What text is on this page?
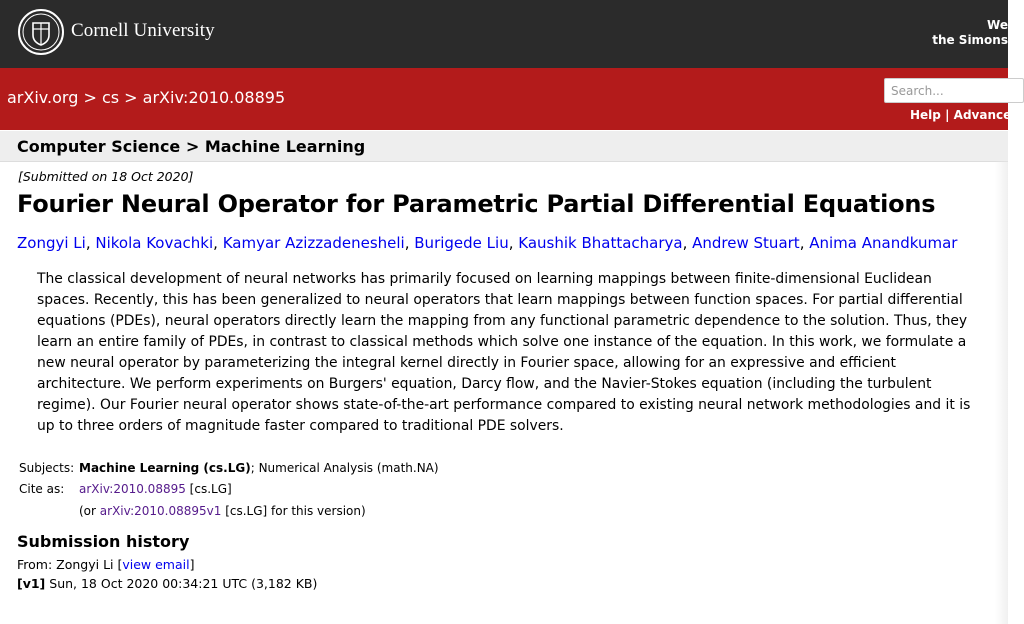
Cornell University	We
the Simons
arXiv.org > cs > arXiv:2010.08895	Search...
Help | Advanced
Computer Science > Machine Learning
[Submitted on 18 Oct 2020]
Fourier Neural Operator for Parametric Partial Differential Equations
Zongyi Li, Nikola Kovachki, Kamyar Azizzadenesheli, Burigede Liu, Kaushik Bhattacharya, Andrew Stuart, Anima Anandkumar
The classical development of neural networks has primarily focused on learning mappings between finite-dimensional Euclidean spaces. Recently, this has been generalized to neural operators that learn mappings between function spaces. For partial differential equations (PDEs), neural operators directly learn the mapping from any functional parametric dependence to the solution. Thus, they learn an entire family of PDEs, in contrast to classical methods which solve one instance of the equation. In this work, we formulate a new neural operator by parameterizing the integral kernel directly in Fourier space, allowing for an expressive and efficient architecture. We perform experiments on Burgers' equation, Darcy flow, and the Navier-Stokes equation (including the turbulent regime). Our Fourier neural operator shows state-of-the-art performance compared to existing neural network methodologies and it is up to three orders of magnitude faster compared to traditional PDE solvers.
Subjects: Machine Learning (cs.LG); Numerical Analysis (math.NA)
Cite as: arXiv:2010.08895 [cs.LG]
(or arXiv:2010.08895v1 [cs.LG] for this version)
Submission history
From: Zongyi Li [view email]
[v1] Sun, 18 Oct 2020 00:34:21 UTC (3,182 KB)
